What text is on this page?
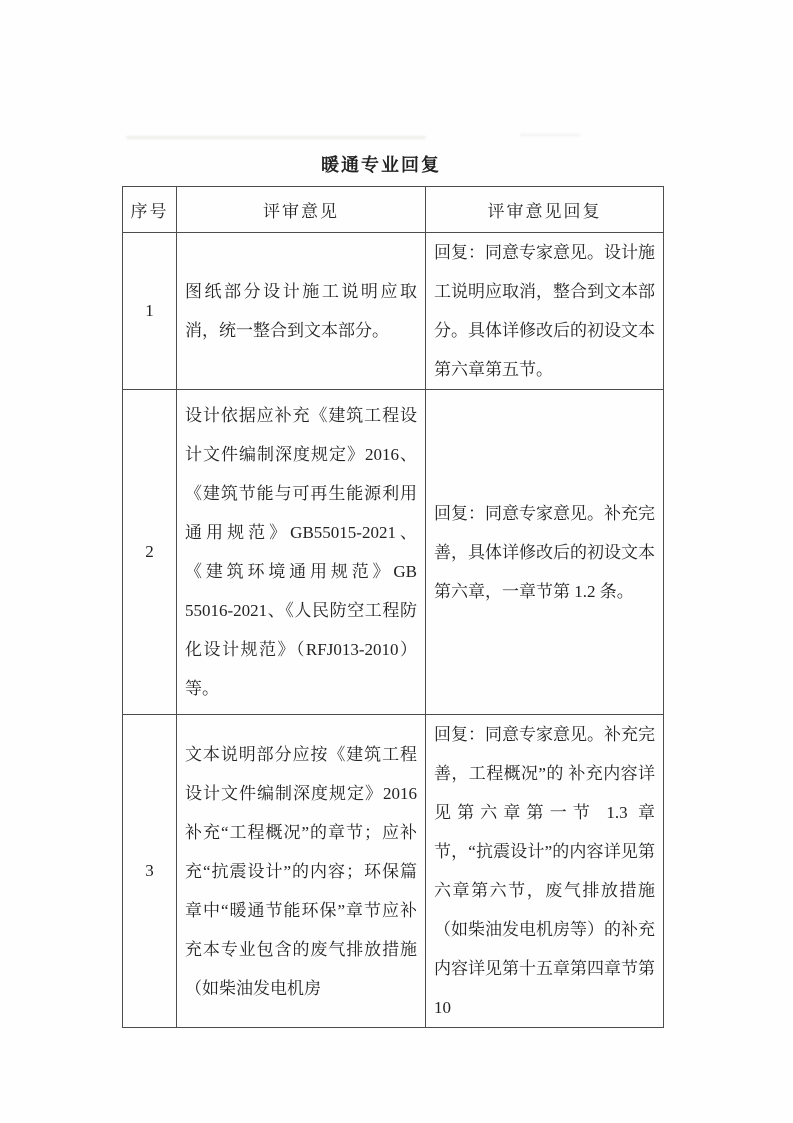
暖通专业回复
序号	评审意见	评审意见回复
1	图纸部分设计施工说明应取消，统一整合到文本部分。	回复：同意专家意见。设计施工说明应取消，整合到文本部分。具体详修改后的初设文本第六章第五节。
2	设计依据应补充《建筑工程设计文件编制深度规定》2016、《建筑节能与可再生能源利用通用规范》GB55015-2021、《建筑环境通用规范》GB 55016-2021、《人民防空工程防化设计规范》（RFJ013-2010）等。	回复：同意专家意见。补充完善，具体详修改后的初设文本第六章，一章节第 1.2 条。
3	文本说明部分应按《建筑工程设计文件编制深度规定》2016 补充“工程概况”的章节；应补充“抗震设计”的内容；环保篇章中“暖通节能环保”章节应补充本专业包含的废气排放措施（如柴油发电机房	回复：同意专家意见。补充完善，工程概况”的 补充内容详见第六章第一节 1.3 章节，“抗震设计”的内容详见第六章第六节，废气排放措施（如柴油发电机房等）的补充内容详见第十五章第四章节第 10
